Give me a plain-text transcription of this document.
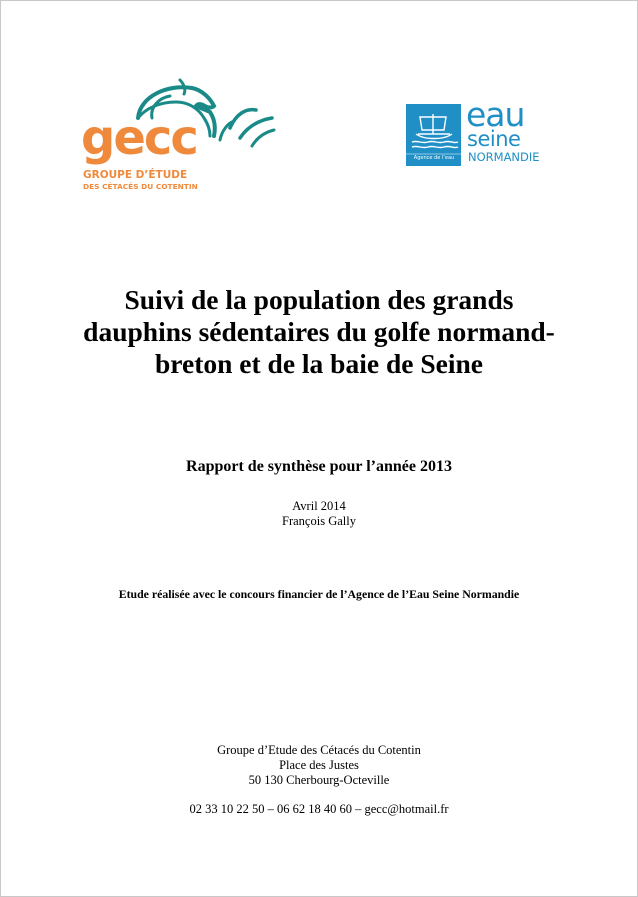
gecc
GROUPE D’ÉTUDE
DES CÉTACÉS DU COTENTIN
Agence de l’eau
eau
seine
NORMANDIE
Suivi de la population des grands
dauphins sédentaires du golfe normand-
breton et de la baie de Seine
Rapport de synthèse pour l’année 2013
Avril 2014
François Gally
Etude réalisée avec le concours financier de l’Agence de l’Eau Seine Normandie
Groupe d’Etude des Cétacés du Cotentin
Place des Justes
50 130 Cherbourg-Octeville
02 33 10 22 50 – 06 62 18 40 60 – gecc@hotmail.fr
